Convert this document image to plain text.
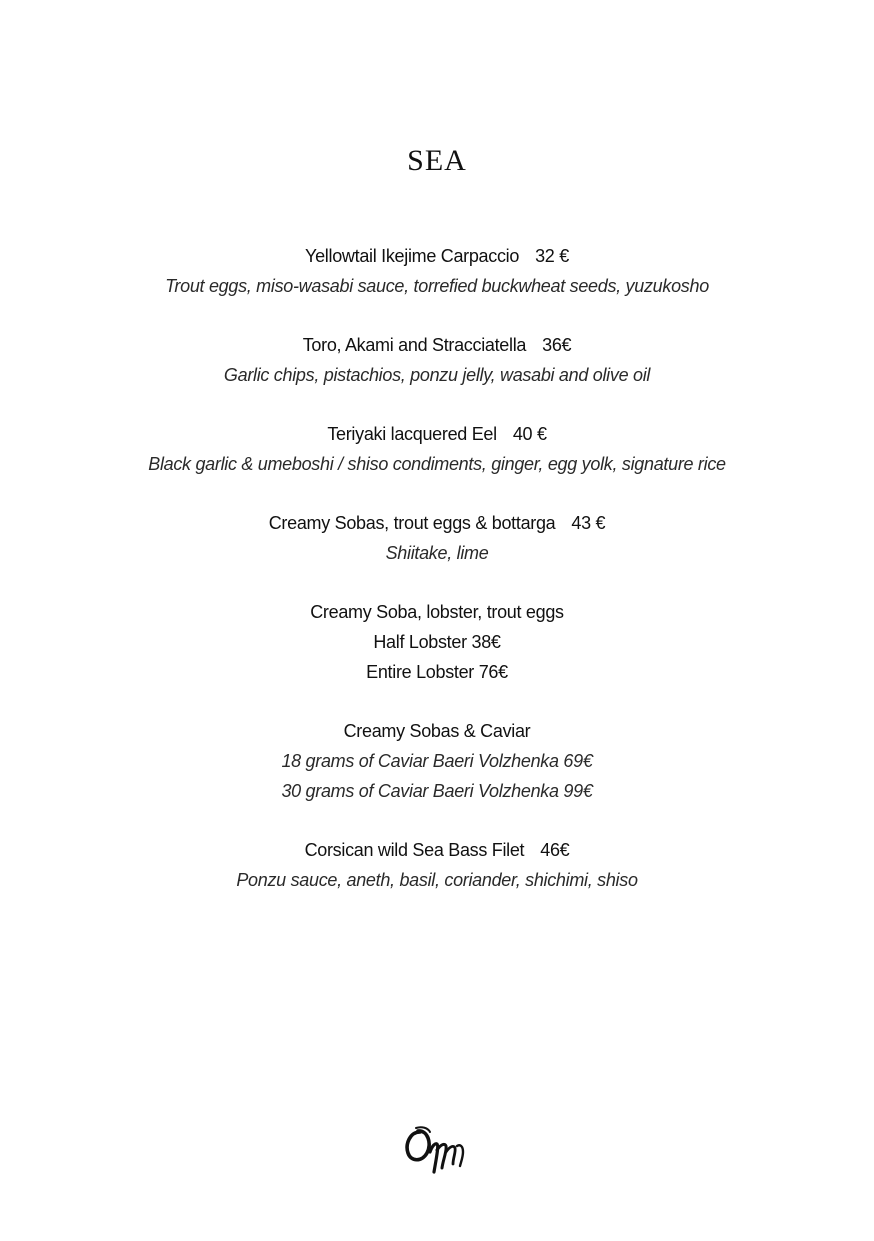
SEA
Yellowtail Ikejime Carpaccio 32 €
Trout eggs, miso-wasabi sauce, torrefied buckwheat seeds, yuzukosho
Toro, Akami and Stracciatella 36€
Garlic chips, pistachios, ponzu jelly, wasabi and olive oil
Teriyaki lacquered Eel 40 €
Black garlic & umeboshi / shiso condiments, ginger, egg yolk, signature rice
Creamy Sobas, trout eggs & bottarga 43 €
Shiitake, lime
Creamy Soba, lobster, trout eggs
Half Lobster 38€
Entire Lobster 76€
Creamy Sobas & Caviar
18 grams of Caviar Baeri Volzhenka 69€
30 grams of Caviar Baeri Volzhenka 99€
Corsican wild Sea Bass Filet 46€
Ponzu sauce, aneth, basil, coriander, shichimi, shiso
